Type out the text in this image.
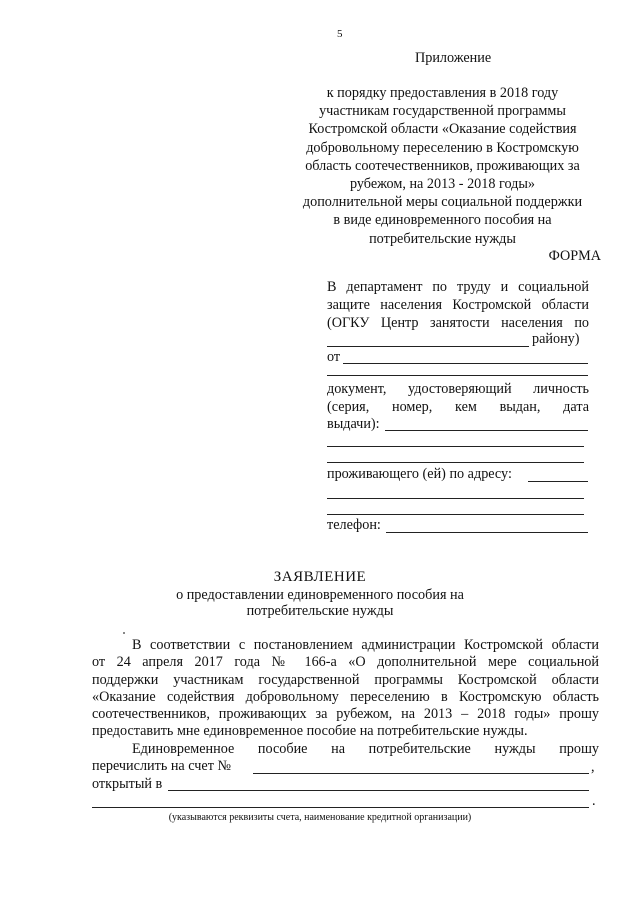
5
Приложение
к порядку предоставления в 2018 году
участникам государственной программы
Костромской области «Оказание содействия
добровольному переселению в Костромскую
область соотечественников, проживающих за
рубежом, на 2013 - 2018 годы»
дополнительной меры социальной поддержки
в виде единовременного пособия на
потребительские нужды
ФОРМА
В департамент по труду и социальной
защите населения Костромской области
(ОГКУ Центр занятости населения по
району)
от
документ, удостоверяющий личность
(серия, номер, кем выдан, дата
выдачи):
проживающего (ей) по адресу:
телефон:
ЗАЯВЛЕНИЕ
о предоставлении единовременного пособия на
потребительские нужды
В соответствии с постановлением администрации Костромской области
от 24 апреля 2017 года № 166-а «О дополнительной мере социальной
поддержки участникам государственной программы Костромской области
«Оказание содействия добровольному переселению в Костромскую область
соотечественников, проживающих за рубежом, на 2013 – 2018 годы» прошу
предоставить мне единовременное пособие на потребительские нужды.
Единовременное пособие на потребительские нужды прошу
перечислить на счет №	,
открытый в
.
(указываются реквизиты счета, наименование кредитной организации)
